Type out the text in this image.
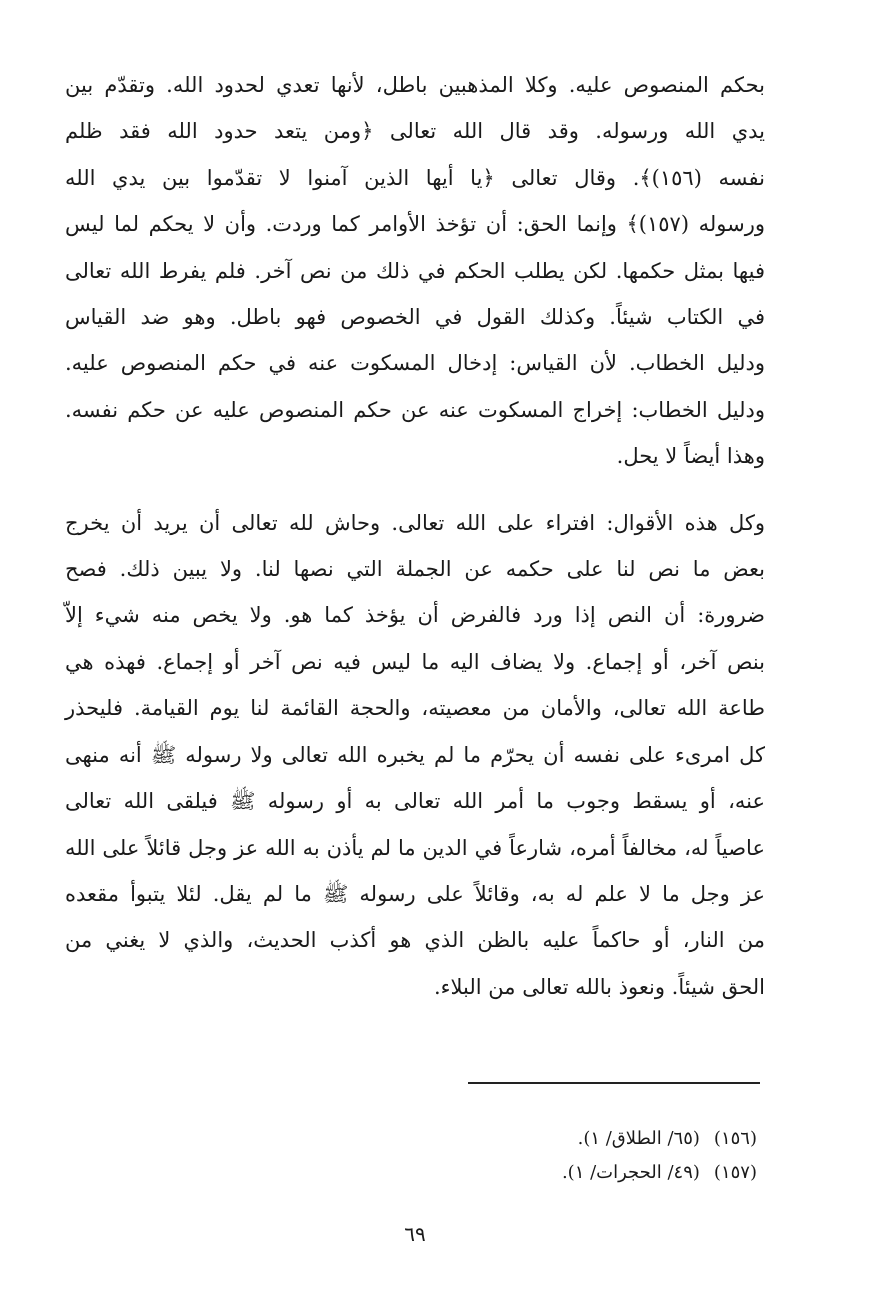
بحكم المنصوص عليه. وكلا المذهبين باطل، لأنها تعدي لحدود الله. وتقدّم بين
يدي الله ورسوله. وقد قال الله تعالى ﴿ومن يتعد حدود الله فقد ظلم
نفسه (١٥٦)﴾. وقال تعالى ﴿يا أيها الذين آمنوا لا تقدّموا بين يدي الله
ورسوله (١٥٧)﴾ وإنما الحق: أن تؤخذ الأوامر كما وردت. وأن لا يحكم لما ليس
فيها بمثل حكمها. لكن يطلب الحكم في ذلك من نص آخر. فلم يفرط الله تعالى
في الكتاب شيئاً. وكذلك القول في الخصوص فهو باطل. وهو ضد القياس
ودليل الخطاب. لأن القياس: إدخال المسكوت عنه في حكم المنصوص عليه.
ودليل الخطاب: إخراج المسكوت عنه عن حكم المنصوص عليه عن حكم نفسه.
وهذا أيضاً لا يحل.
وكل هذه الأقوال: افتراء على الله تعالى. وحاش لله تعالى أن يريد أن يخرج
بعض ما نص لنا على حكمه عن الجملة التي نصها لنا. ولا يبين ذلك. فصح
ضرورة: أن النص إذا ورد فالفرض أن يؤخذ كما هو. ولا يخص منه شيء إلاّ
بنص آخر، أو إجماع. ولا يضاف اليه ما ليس فيه نص آخر أو إجماع. فهذه هي
طاعة الله تعالى، والأمان من معصيته، والحجة القائمة لنا يوم القيامة. فليحذر
كل امرىء على نفسه أن يحرّم ما لم يخبره الله تعالى ولا رسوله ﷺ أنه منهى
عنه، أو يسقط وجوب ما أمر الله تعالى به أو رسوله ﷺ فيلقى الله تعالى
عاصياً له، مخالفاً أمره، شارعاً في الدين ما لم يأذن به الله عز وجل قائلاً على الله
عز وجل ما لا علم له به، وقائلاً على رسوله ﷺ ما لم يقل. لئلا يتبوأ مقعده
من النار، أو حاكماً عليه بالظن الذي هو أكذب الحديث، والذي لا يغني من
الحق شيئاً. ونعوذ بالله تعالى من البلاء.
(١٥٦)(٦٥/ الطلاق/ ١).
(١٥٧)(٤٩/ الحجرات/ ١).
٦٩
